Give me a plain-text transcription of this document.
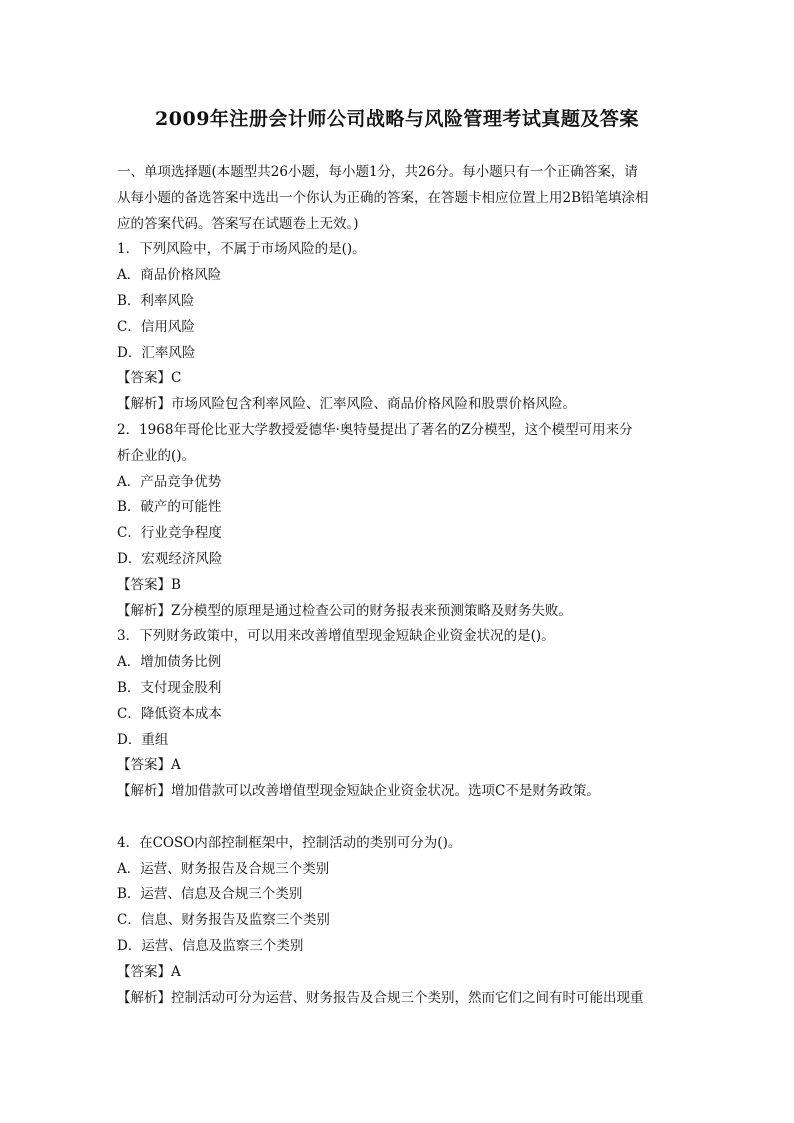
2009年注册会计师公司战略与风险管理考试真题及答案
一、单项选择题(本题型共26小题，每小题1分，共26分。每小题只有一个正确答案，请
从每小题的备选答案中选出一个你认为正确的答案，在答题卡相应位置上用2B铅笔填涂相
应的答案代码。答案写在试题卷上无效。)
1．下列风险中，不属于市场风险的是()。
A．商品价格风险
B．利率风险
C．信用风险
D．汇率风险
【答案】C
【解析】市场风险包含利率风险、汇率风险、商品价格风险和股票价格风险。
2．1968年哥伦比亚大学教授爱德华·奥特曼提出了著名的Z分模型，这个模型可用来分
析企业的()。
A．产品竞争优势
B．破产的可能性
C．行业竞争程度
D．宏观经济风险
【答案】B
【解析】Z分模型的原理是通过检查公司的财务报表来预测策略及财务失败。
3．下列财务政策中，可以用来改善增值型现金短缺企业资金状况的是()。
A．增加债务比例
B．支付现金股利
C．降低资本成本
D．重组
【答案】A
【解析】增加借款可以改善增值型现金短缺企业资金状况。选项C不是财务政策。
4．在COSO内部控制框架中，控制活动的类别可分为()。
A．运营、财务报告及合规三个类别
B．运营、信息及合规三个类别
C．信息、财务报告及监察三个类别
D．运营、信息及监察三个类别
【答案】A
【解析】控制活动可分为运营、财务报告及合规三个类别，然而它们之间有时可能出现重
